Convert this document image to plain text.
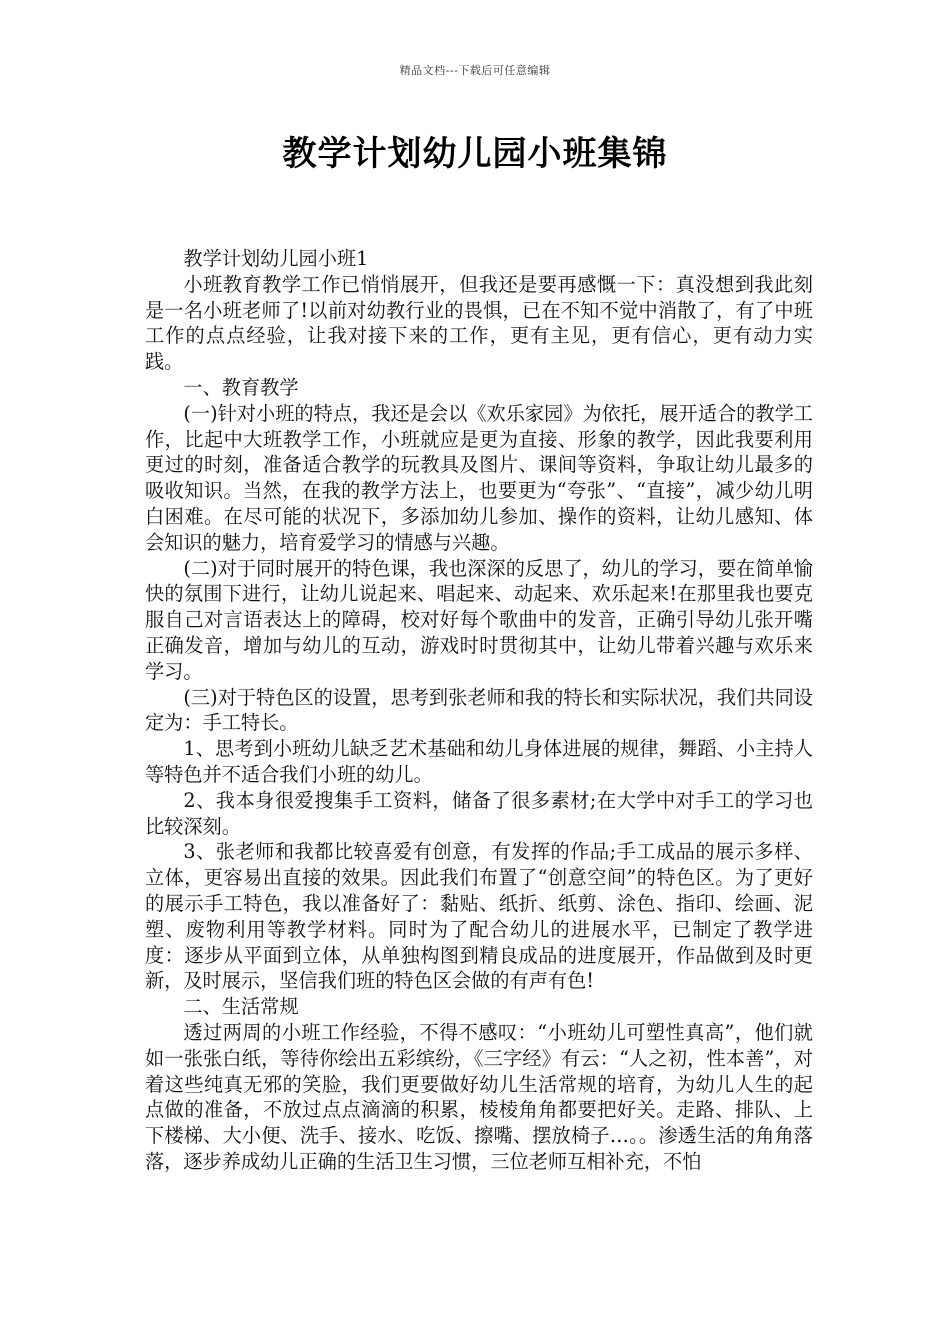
精品文档---下载后可任意编辑
教学计划幼儿园小班集锦

教学计划幼儿园小班1

小班教育教学工作已悄悄展开，但我还是要再感慨一下：真没想到我此刻是一名小班老师了!以前对幼教行业的畏惧，已在不知不觉中消散了，有了中班工作的点点经验，让我对接下来的工作，更有主见，更有信心，更有动力实践。

一、教育教学

(一)针对小班的特点，我还是会以《欢乐家园》为依托，展开适合的教学工作，比起中大班教学工作，小班就应是更为直接、形象的教学，因此我要利用更过的时刻，准备适合教学的玩教具及图片、课间等资料，争取让幼儿最多的吸收知识。当然，在我的教学方法上，也要更为“夸张”、“直接”，减少幼儿明白困难。在尽可能的状况下，多添加幼儿参加、操作的资料，让幼儿感知、体会知识的魅力，培育爱学习的情感与兴趣。

(二)对于同时展开的特色课，我也深深的反思了，幼儿的学习，要在简单愉快的氛围下进行，让幼儿说起来、唱起来、动起来、欢乐起来!在那里我也要克服自己对言语表达上的障碍，校对好每个歌曲中的发音，正确引导幼儿张开嘴正确发音，增加与幼儿的互动，游戏时时贯彻其中，让幼儿带着兴趣与欢乐来学习。

(三)对于特色区的设置，思考到张老师和我的特长和实际状况，我们共同设定为：手工特长。

1、思考到小班幼儿缺乏艺术基础和幼儿身体进展的规律，舞蹈、小主持人等特色并不适合我们小班的幼儿。

2、我本身很爱搜集手工资料，储备了很多素材;在大学中对手工的学习也比较深刻。

3、张老师和我都比较喜爱有创意，有发挥的作品;手工成品的展示多样、立体，更容易出直接的效果。因此我们布置了“创意空间”的特色区。为了更好的展示手工特色，我以准备好了：黏贴、纸折、纸剪、涂色、指印、绘画、泥塑、废物利用等教学材料。同时为了配合幼儿的进展水平，已制定了教学进度：逐步从平面到立体，从单独构图到精良成品的进度展开，作品做到及时更新，及时展示，坚信我们班的特色区会做的有声有色!

二、生活常规

透过两周的小班工作经验，不得不感叹：“小班幼儿可塑性真高”，他们就如一张张白纸，等待你绘出五彩缤纷，《三字经》有云：“人之初，性本善”，对着这些纯真无邪的笑脸，我们更要做好幼儿生活常规的培育，为幼儿人生的起点做的准备，不放过点点滴滴的积累，棱棱角角都要把好关。走路、排队、上下楼梯、大小便、洗手、接水、吃饭、擦嘴、摆放椅子…。。渗透生活的角角落落，逐步养成幼儿正确的生活卫生习惯，三位老师互相补充，不怕
